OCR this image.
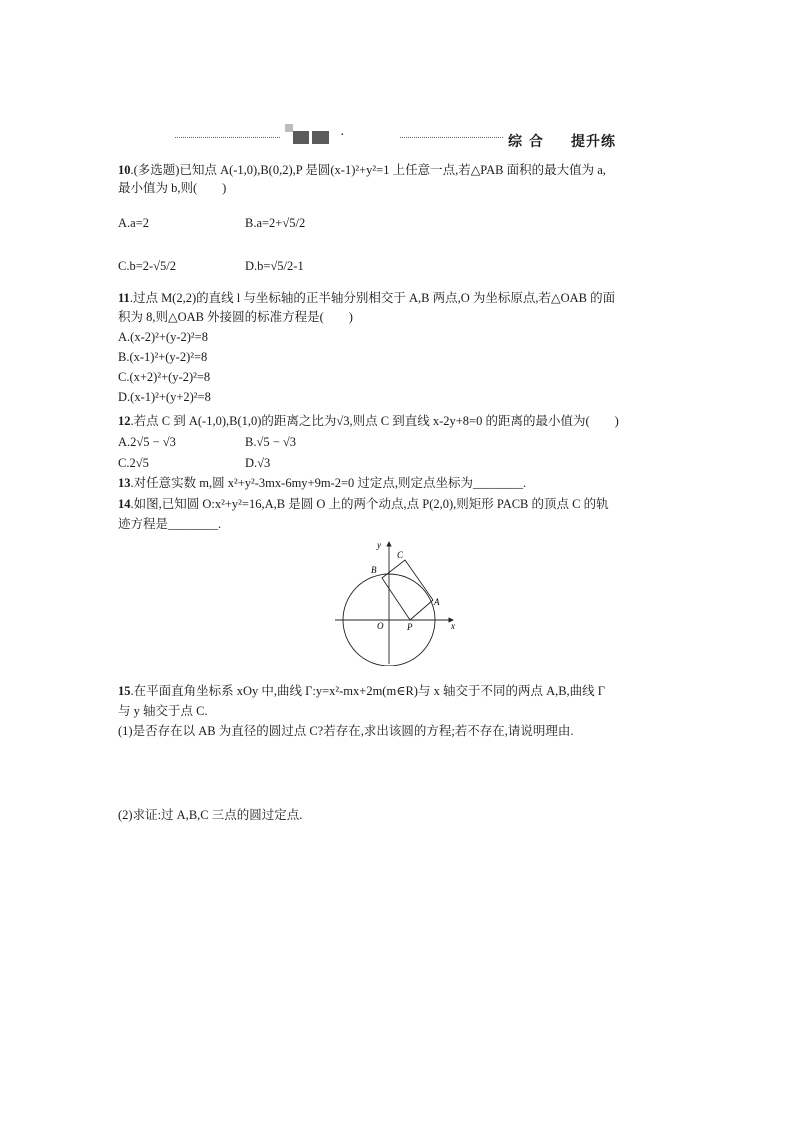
·	综 合 提升练
10.(多选题)已知点 A(-1,0),B(0,2),P 是圆(x-1)²+y²=1 上任意一点,若△PAB 面积的最大值为 a,
最小值为 b,则(　　)
A.a=2	B.a=2+√5/2
C.b=2-√5/2	D.b=√5/2-1
11.过点 M(2,2)的直线 l 与坐标轴的正半轴分别相交于 A,B 两点,O 为坐标原点,若△OAB 的面
积为 8,则△OAB 外接圆的标准方程是(　　)
A.(x-2)²+(y-2)²=8
B.(x-1)²+(y-2)²=8
C.(x+2)²+(y-2)²=8
D.(x-1)²+(y+2)²=8
12.若点 C 到 A(-1,0),B(1,0)的距离之比为√3,则点 C 到直线 x-2y+8=0 的距离的最小值为(　　)
A.2√5 − √3	B.√5 − √3
C.2√5	D.√3
13.对任意实数 m,圆 x²+y²-3mx-6my+9m-2=0 过定点,则定点坐标为________.
14.如图,已知圆 O:x²+y²=16,A,B 是圆 O 上的两个动点,点 P(2,0),则矩形 PACB 的顶点 C 的轨
迹方程是________.
y
x
O	P
A
B
C
15.在平面直角坐标系 xOy 中,曲线 Γ:y=x²-mx+2m(m∈R)与 x 轴交于不同的两点 A,B,曲线 Γ
与 y 轴交于点 C.
(1)是否存在以 AB 为直径的圆过点 C?若存在,求出该圆的方程;若不存在,请说明理由.
(2)求证:过 A,B,C 三点的圆过定点.
